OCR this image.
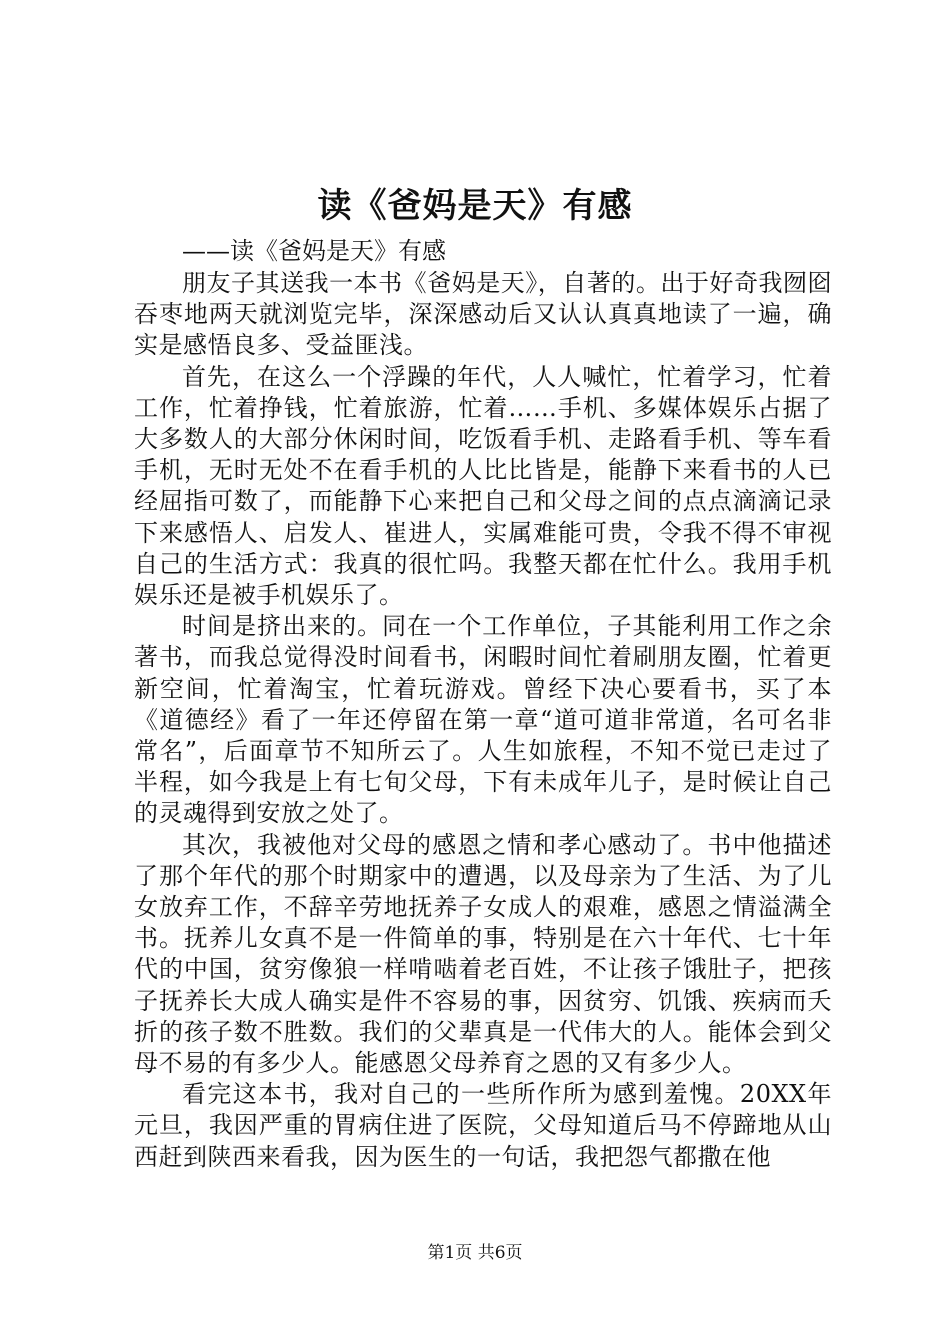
读《爸妈是天》有感
——读《爸妈是天》有感

朋友子其送我一本书《爸妈是天》，自著的。出于好奇我囫囵吞枣地两天就浏览完毕，深深感动后又认认真真地读了一遍，确实是感悟良多、受益匪浅。

首先，在这么一个浮躁的年代，人人喊忙，忙着学习，忙着工作，忙着挣钱，忙着旅游，忙着……手机、多媒体娱乐占据了大多数人的大部分休闲时间，吃饭看手机、走路看手机、等车看手机，无时无处不在看手机的人比比皆是，能静下来看书的人已经屈指可数了，而能静下心来把自己和父母之间的点点滴滴记录下来感悟人、启发人、崔进人，实属难能可贵，令我不得不审视自己的生活方式：我真的很忙吗。我整天都在忙什么。我用手机娱乐还是被手机娱乐了。

时间是挤出来的。同在一个工作单位，子其能利用工作之余著书，而我总觉得没时间看书，闲暇时间忙着刷朋友圈，忙着更新空间，忙着淘宝，忙着玩游戏。曾经下决心要看书，买了本《道德经》看了一年还停留在第一章“道可道非常道，名可名非常名”，后面章节不知所云了。人生如旅程，不知不觉已走过了半程，如今我是上有七旬父母，下有未成年儿子，是时候让自己的灵魂得到安放之处了。

其次，我被他对父母的感恩之情和孝心感动了。书中他描述了那个年代的那个时期家中的遭遇，以及母亲为了生活、为了儿女放弃工作，不辞辛劳地抚养子女成人的艰难，感恩之情溢满全书。抚养儿女真不是一件简单的事，特别是在六十年代、七十年代的中国，贫穷像狼一样啃啮着老百姓，不让孩子饿肚子，把孩子抚养长大成人确实是件不容易的事，因贫穷、饥饿、疾病而夭折的孩子数不胜数。我们的父辈真是一代伟大的人。能体会到父母不易的有多少人。能感恩父母养育之恩的又有多少人。

看完这本书，我对自己的一些所作所为感到羞愧。20XX年元旦，我因严重的胃病住进了医院，父母知道后马不停蹄地从山西赶到陕西来看我，因为医生的一句话，我把怨气都撒在他

第1页 共6页
